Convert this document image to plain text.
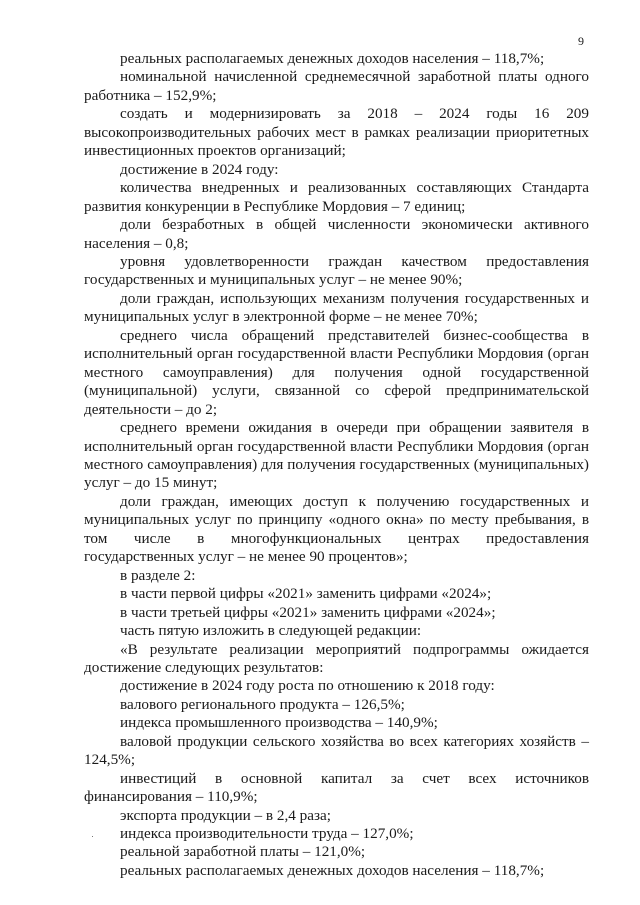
9

реальных располагаемых денежных доходов населения – 118,7%;

номинальной начисленной среднемесячной заработной платы одного работника – 152,9%;

создать и модернизировать за 2018 – 2024 годы 16 209 высокопроизводительных рабочих мест в рамках реализации приоритетных инвестиционных проектов организаций;

достижение в 2024 году:

количества внедренных и реализованных составляющих Стандарта развития конкуренции в Республике Мордовия – 7 единиц;

доли безработных в общей численности экономически активного населения – 0,8;

уровня удовлетворенности граждан качеством предоставления государственных и муниципальных услуг – не менее 90%;

доли граждан, использующих механизм получения государственных и муниципальных услуг в электронной форме – не менее 70%;

среднего числа обращений представителей бизнес-сообщества в исполнительный орган государственной власти Республики Мордовия (орган местного самоуправления) для получения одной государственной (муниципальной) услуги, связанной со сферой предпринимательской деятельности – до 2;

среднего времени ожидания в очереди при обращении заявителя в исполнительный орган государственной власти Республики Мордовия (орган местного самоуправления) для получения государственных (муниципальных) услуг – до 15 минут;

доли граждан, имеющих доступ к получению государственных и муниципальных услуг по принципу «одного окна» по месту пребывания, в том числе в многофункциональных центрах предоставления государственных услуг – не менее 90 процентов»;

в разделе 2:

в части первой цифры «2021» заменить цифрами «2024»;

в части третьей цифры «2021» заменить цифрами «2024»;

часть пятую изложить в следующей редакции:

«В результате реализации мероприятий подпрограммы ожидается достижение следующих результатов:

достижение в 2024 году роста по отношению к 2018 году:

валового регионального продукта – 126,5%;

индекса промышленного производства – 140,9%;

валовой продукции сельского хозяйства во всех категориях хозяйств – 124,5%;

инвестиций в основной капитал за счет всех источников финансирования – 110,9%;

экспорта продукции – в 2,4 раза;

индекса производительности труда – 127,0%;

реальной заработной платы – 121,0%;

реальных располагаемых денежных доходов населения – 118,7%;
